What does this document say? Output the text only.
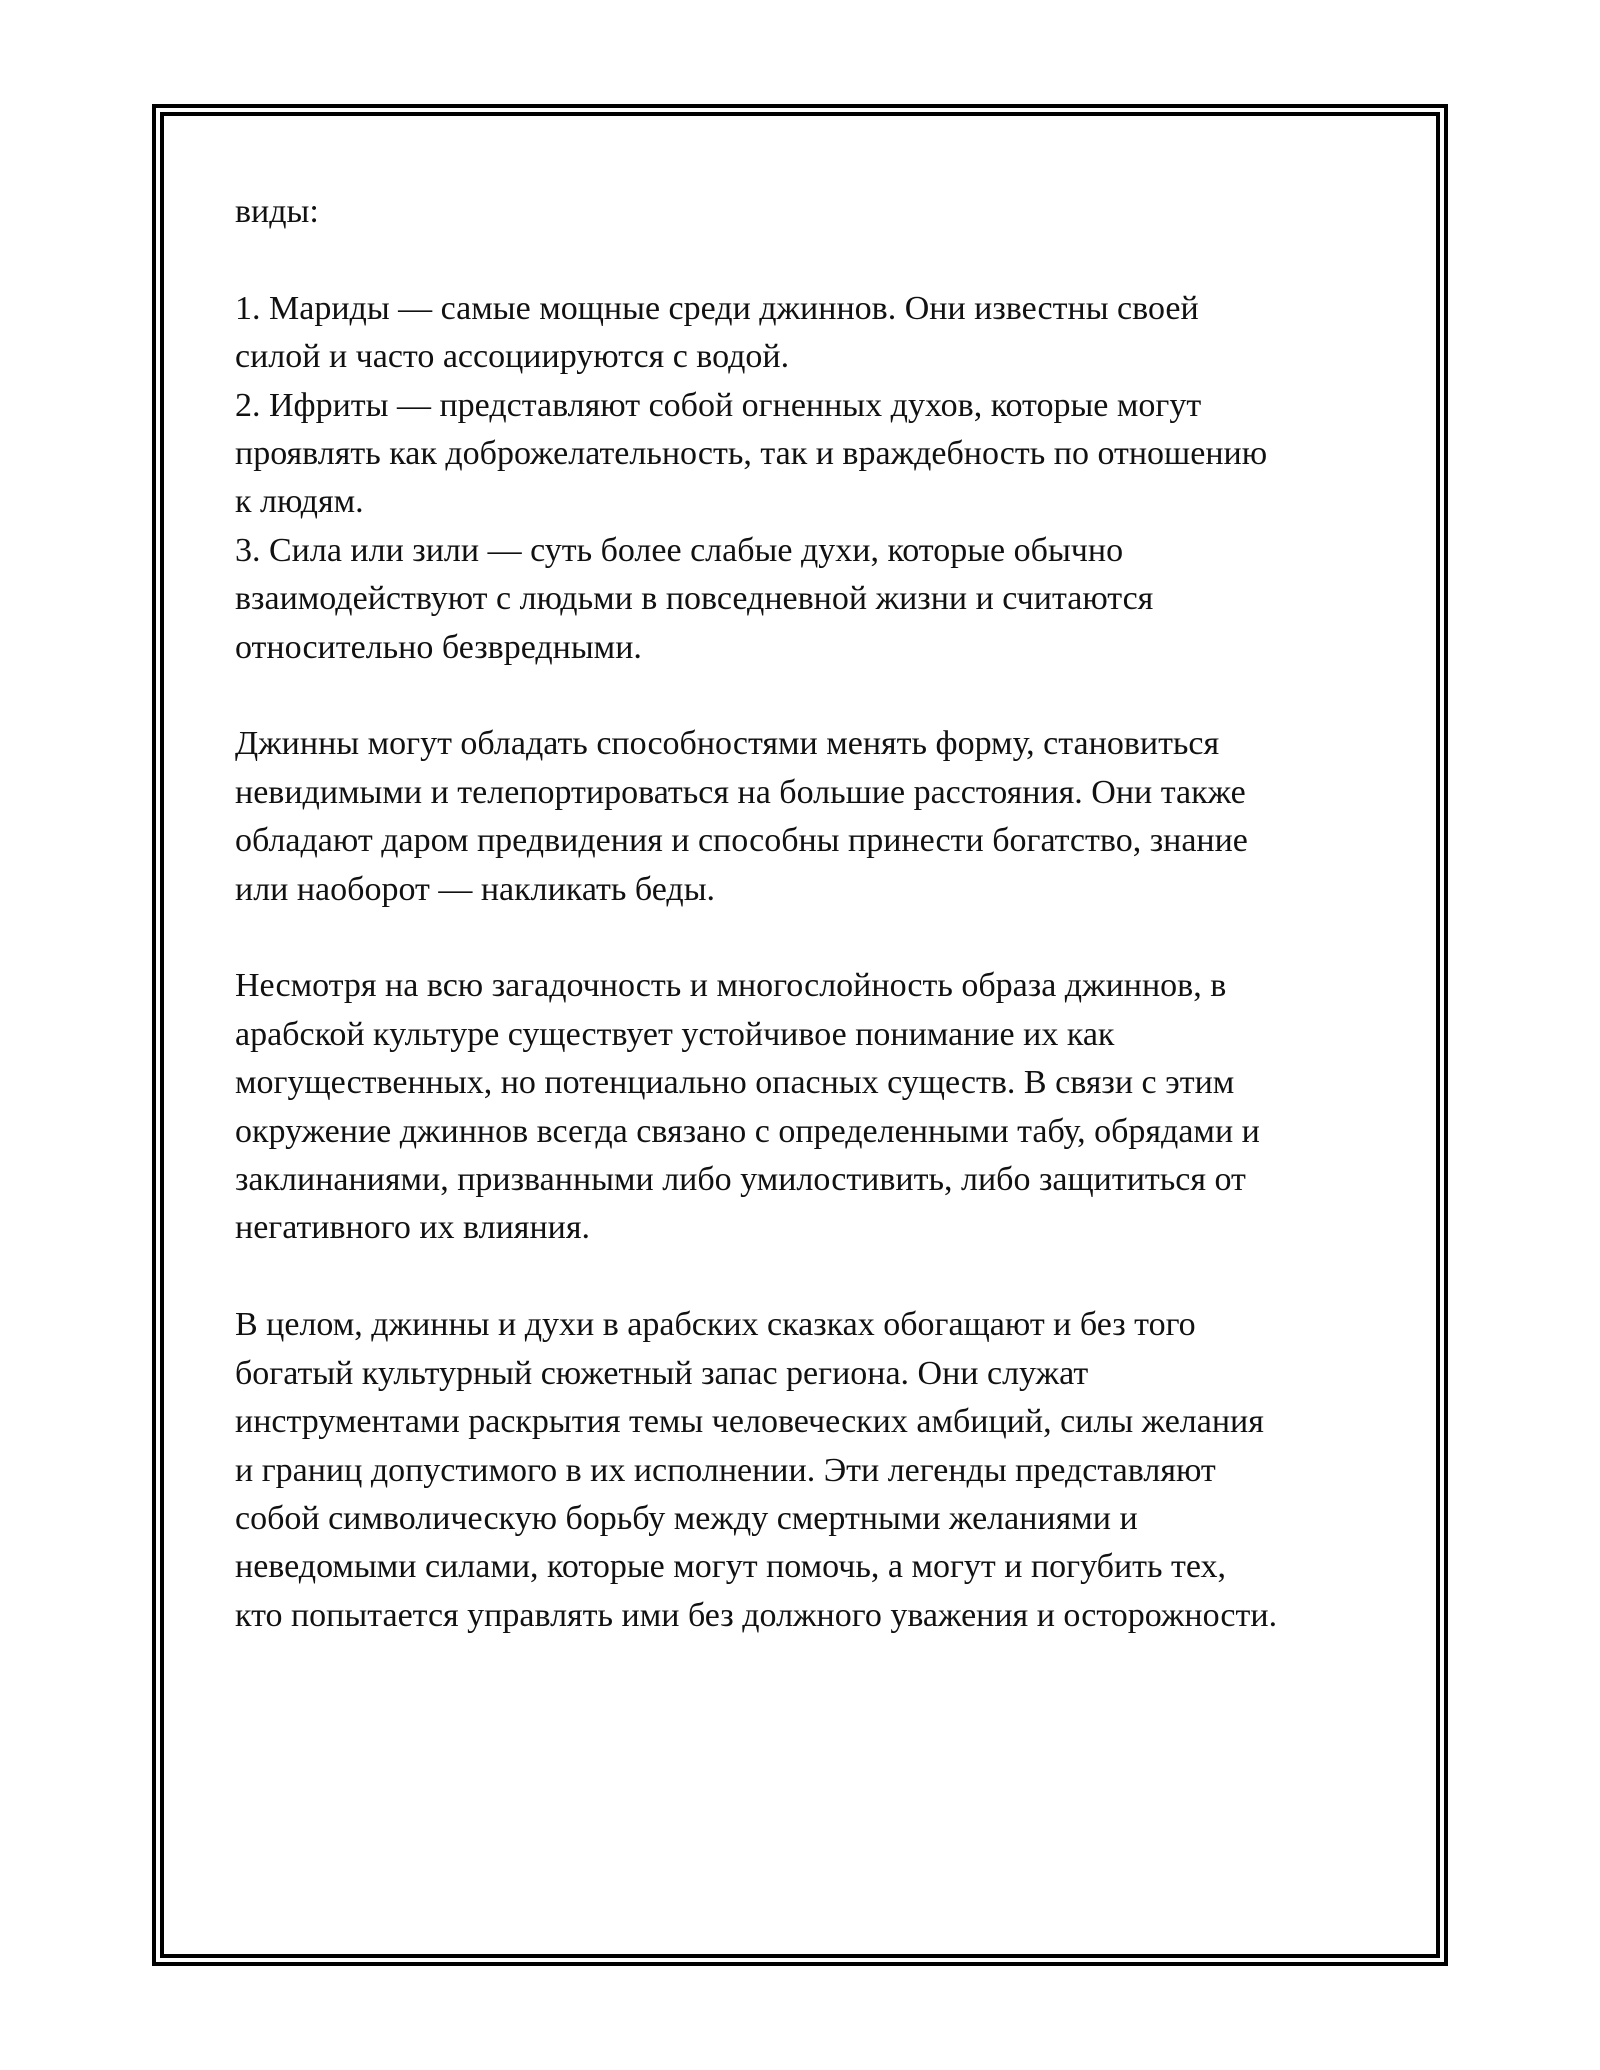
виды:

1. Мариды — самые мощные среди джиннов. Они известны своей
силой и часто ассоциируются с водой.

2. Ифриты — представляют собой огненных духов, которые могут
проявлять как доброжелательность, так и враждебность по отношению
к людям.

3. Сила или зили — суть более слабые духи, которые обычно
взаимодействуют с людьми в повседневной жизни и считаются
относительно безвредными.

Джинны могут обладать способностями менять форму, становиться
невидимыми и телепортироваться на большие расстояния. Они также
обладают даром предвидения и способны принести богатство, знание
или наоборот — накликать беды.

Несмотря на всю загадочность и многослойность образа джиннов, в
арабской культуре существует устойчивое понимание их как
могущественных, но потенциально опасных существ. В связи с этим
окружение джиннов всегда связано с определенными табу, обрядами и
заклинаниями, призванными либо умилостивить, либо защититься от
негативного их влияния.

В целом, джинны и духи в арабских сказках обогащают и без того
богатый культурный сюжетный запас региона. Они служат
инструментами раскрытия темы человеческих амбиций, силы желания
и границ допустимого в их исполнении. Эти легенды представляют
собой символическую борьбу между смертными желаниями и
неведомыми силами, которые могут помочь, а могут и погубить тех,
кто попытается управлять ими без должного уважения и осторожности.
